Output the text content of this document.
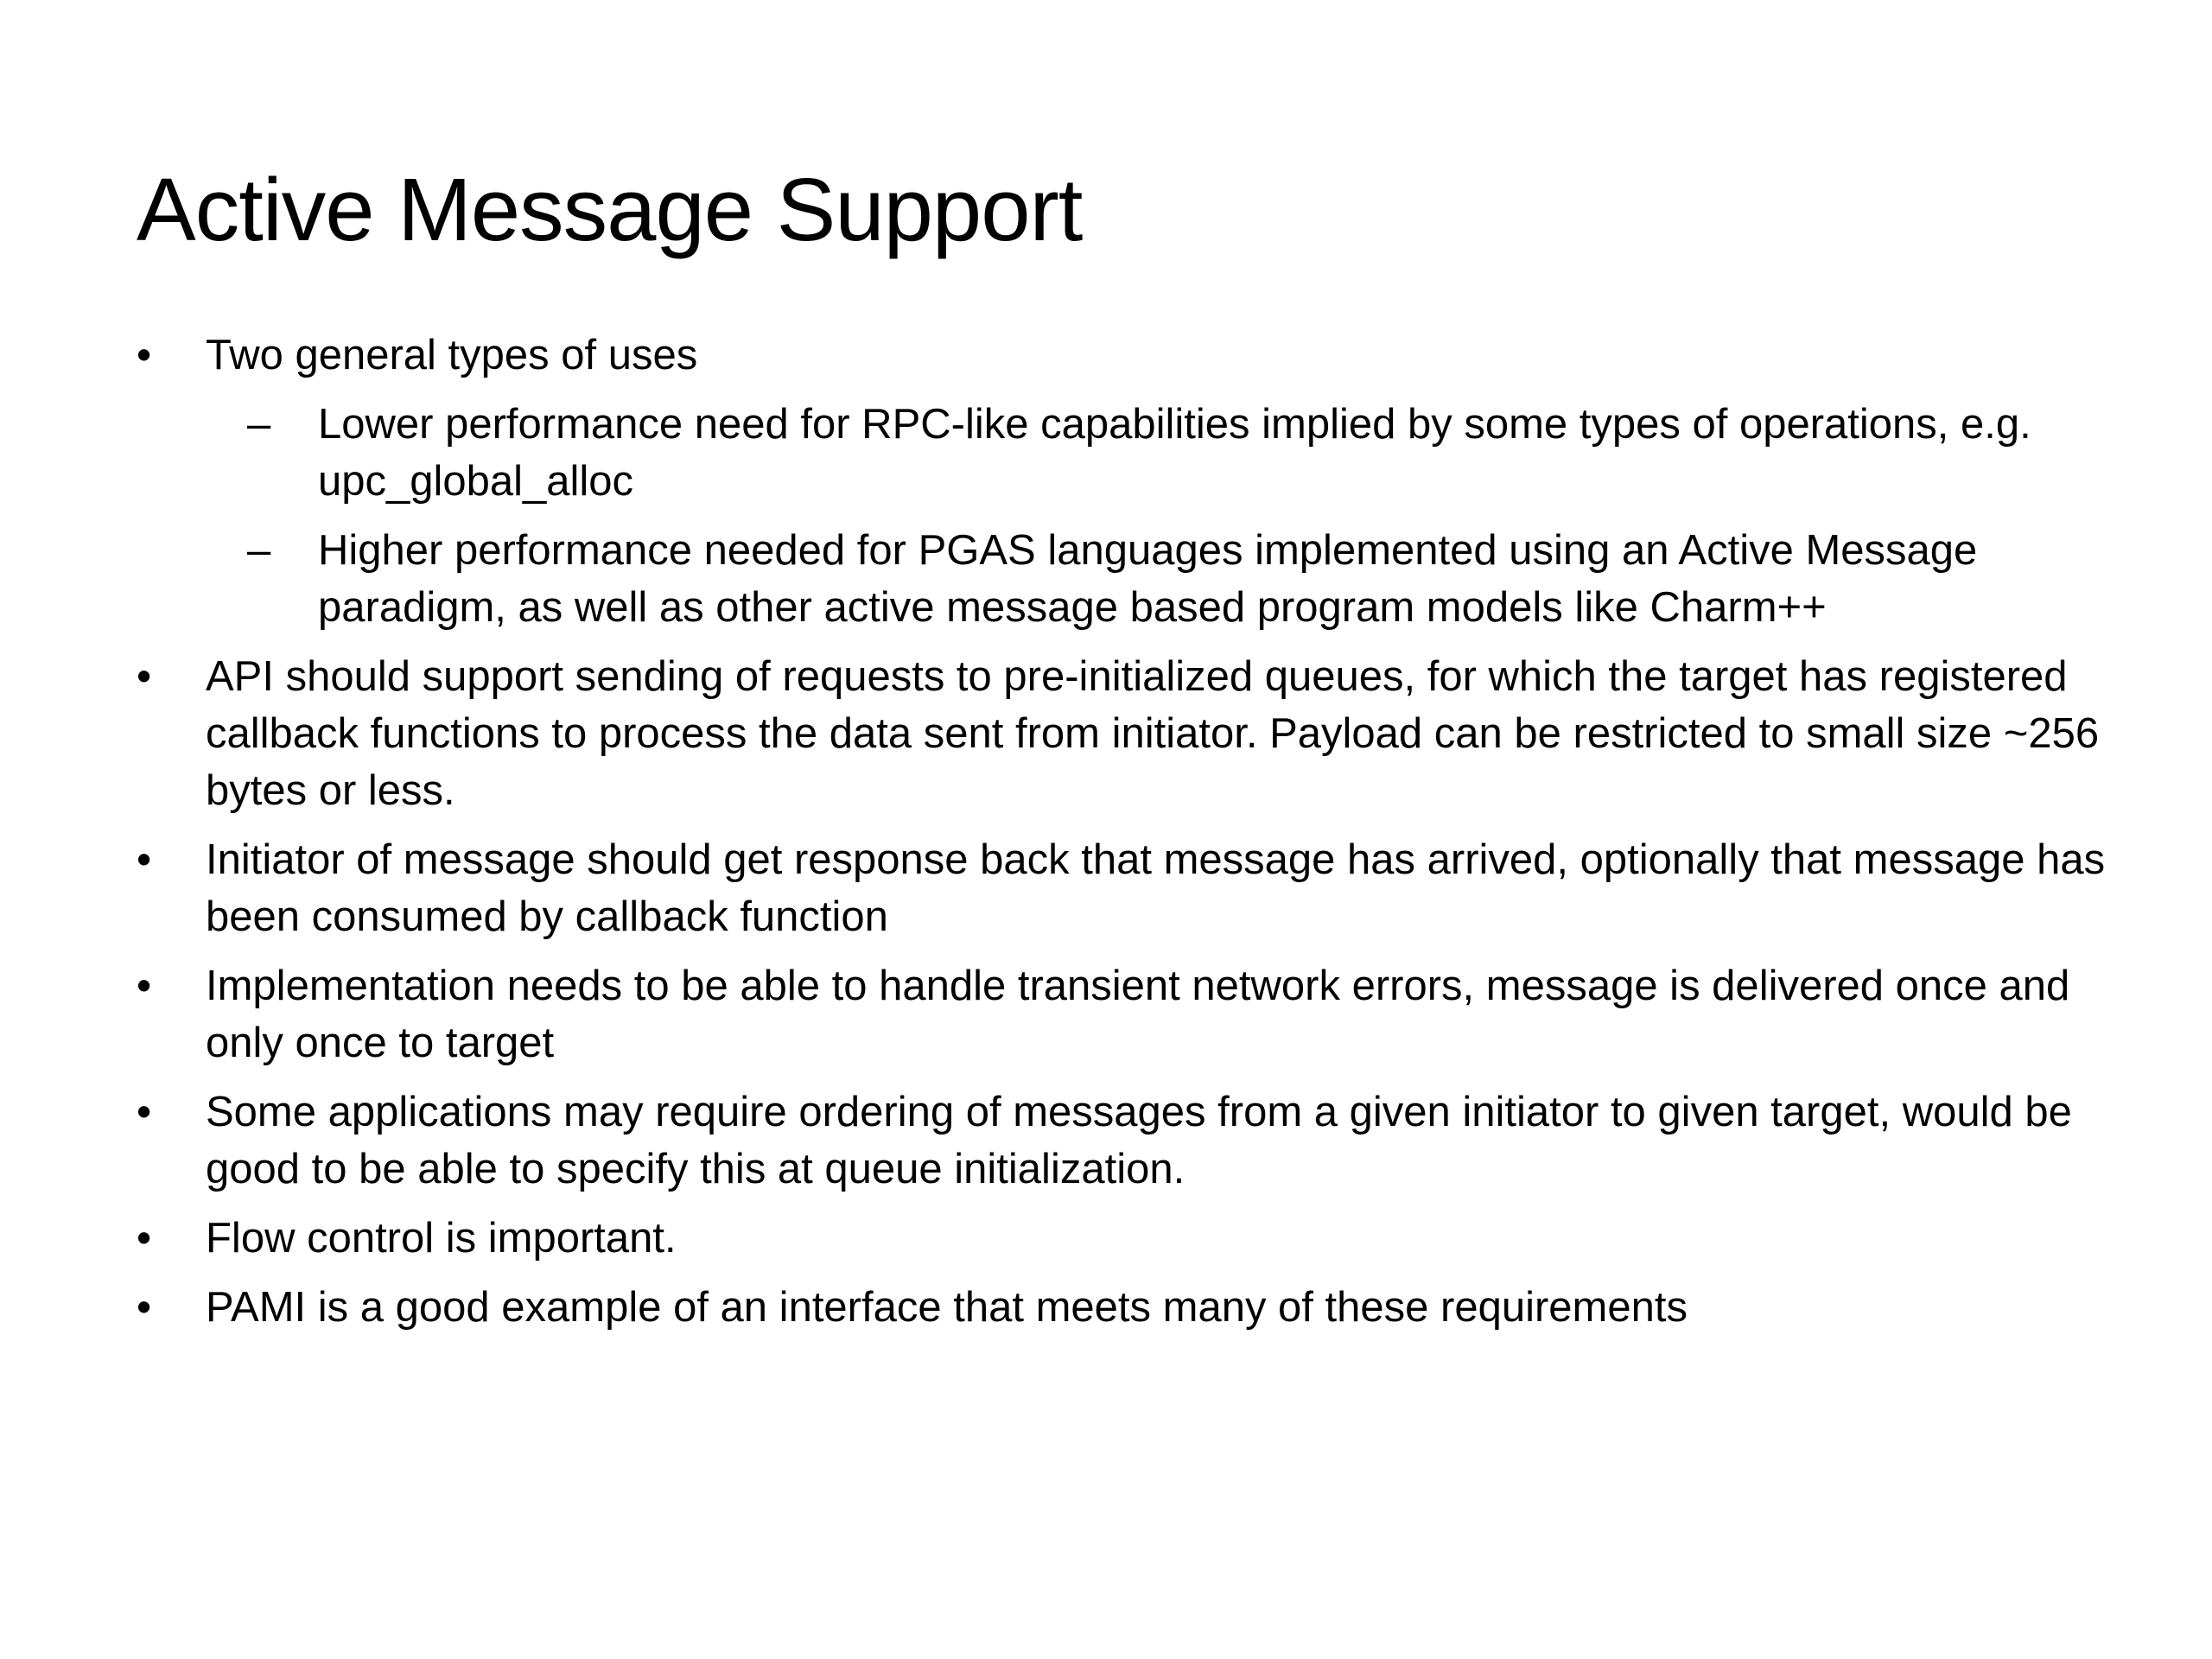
Active Message Support
•	Two general types of uses
–	Lower performance need for RPC-like capabilities implied by some types of operations, e.g. upc_global_alloc
–	Higher performance needed for PGAS languages implemented using an Active Message paradigm, as well as other active message based program models like Charm++
•	API should support sending of requests to pre-initialized queues, for which the target has registered callback functions to process the data sent from initiator. Payload can be restricted to small size ~256 bytes or less.
•	Initiator of message should get response back that message has arrived, optionally that message has been consumed by callback function
•	Implementation needs to be able to handle transient network errors, message is delivered once and only once to target
•	Some applications may require ordering of messages from a given initiator to given target, would be good to be able to specify this at queue initialization.
•	Flow control is important.
•	PAMI is a good example of an interface that meets many of these requirements
